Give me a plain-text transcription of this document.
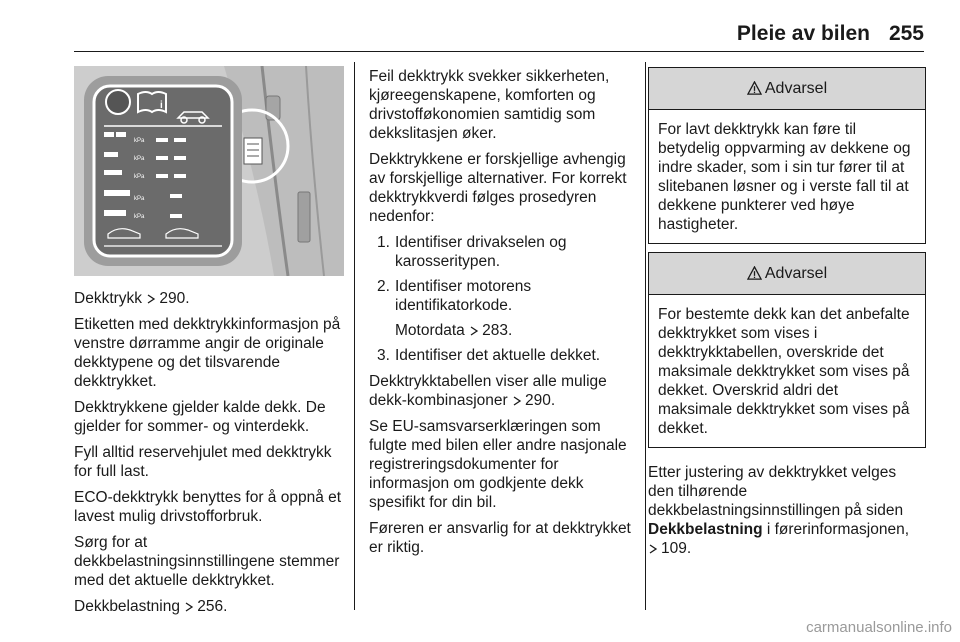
Pleie av bilen 255
i
kPa
kPa
kPa
kPa
kPa

Dekktrykk 290.

Etiketten med dekktrykkinformasjon på venstre dørramme angir de originale dekktypene og det tilsvarende dekktrykket.

Dekktrykkene gjelder kalde dekk. De gjelder for sommer- og vinterdekk.

Fyll alltid reservehjulet med dekktrykk for full last.

ECO-dekktrykk benyttes for å oppnå et lavest mulig drivstofforbruk.

Sørg for at dekkbelastningsinnstillingene stemmer med det aktuelle dekktrykket.

Dekkbelastning 256.

Feil dekktrykk svekker sikkerheten, kjøreegenskapene, komforten og drivstofføkonomien samtidig som dekkslitasjen øker.

Dekktrykkene er forskjellige avhengig av forskjellige alternativer. For korrekt dekktrykkverdi følges prosedyren nedenfor:

1. Identifiser drivakselen og karosseritypen.
2. Identifiser motorens identifikatorkode.
Motordata 283.
3. Identifiser det aktuelle dekket.

Dekktrykktabellen viser alle mulige dekk-kombinasjoner 290.

Se EU-samsvarserklæringen som fulgte med bilen eller andre nasjonale registreringsdokumenter for informasjon om godkjente dekk spesifikt for din bil.

Føreren er ansvarlig for at dekktrykket er riktig.

Advarsel
For lavt dekktrykk kan føre til betydelig oppvarming av dekkene og indre skader, som i sin tur fører til at slitebanen løsner og i verste fall til at dekkene punkterer ved høye hastigheter.
Advarsel
For bestemte dekk kan det anbefalte dekktrykket som vises i dekktrykktabellen, overskride det maksimale dekktrykket som vises på dekket. Overskrid aldri det maksimale dekktrykket som vises på dekket.

Etter justering av dekktrykket velges den tilhørende dekkbelastningsinnstillingen på siden Dekkbelastning i førerinformasjonen, 109.

carmanualsonline.info
